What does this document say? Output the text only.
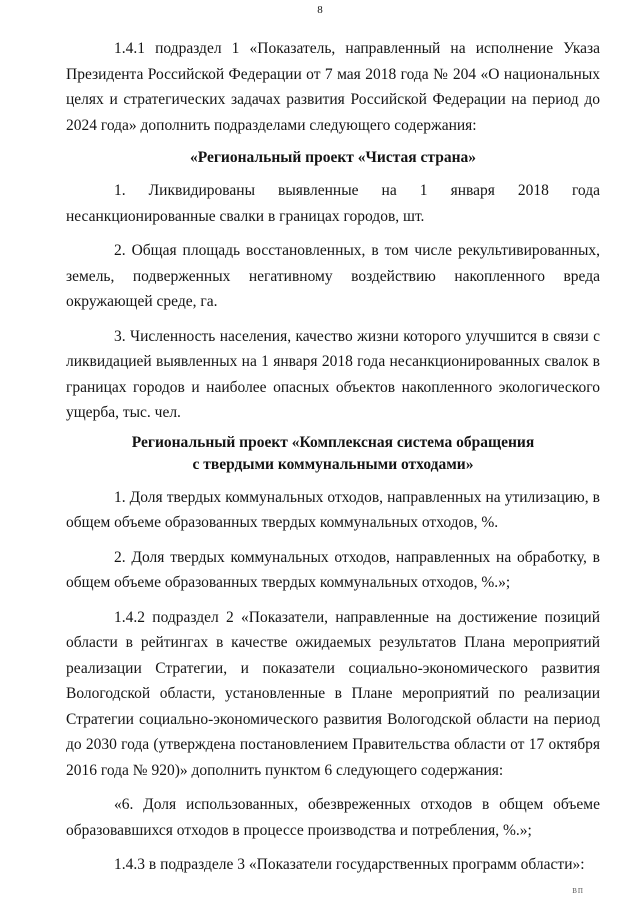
8

1.4.1 подраздел 1 «Показатель, направленный на исполнение Указа Президента Российской Федерации от 7 мая 2018 года № 204 «О национальных целях и стратегических задачах развития Российской Федерации на период до 2024 года» дополнить подразделами следующего содержания:

«Региональный проект «Чистая страна»

1. Ликвидированы выявленные на 1 января 2018 года несанкционированные свалки в границах городов, шт.

2. Общая площадь восстановленных, в том числе рекультивированных, земель, подверженных негативному воздействию накопленного вреда окружающей среде, га.

3. Численность населения, качество жизни которого улучшится в связи с ликвидацией выявленных на 1 января 2018 года несанкционированных свалок в границах городов и наиболее опасных объектов накопленного экологического ущерба, тыс. чел.

Региональный проект «Комплексная система обращения
с твердыми коммунальными отходами»

1. Доля твердых коммунальных отходов, направленных на утилизацию, в общем объеме образованных твердых коммунальных отходов, %.

2. Доля твердых коммунальных отходов, направленных на обработку, в общем объеме образованных твердых коммунальных отходов, %.»;

1.4.2 подраздел 2 «Показатели, направленные на достижение позиций области в рейтингах в качестве ожидаемых результатов Плана мероприятий реализации Стратегии, и показатели социально-экономического развития Вологодской области, установленные в Плане мероприятий по реализации Стратегии социально-экономического развития Вологодской области на период до 2030 года (утверждена постановлением Правительства области от 17 октября 2016 года № 920)» дополнить пунктом 6 следующего содержания:

«6. Доля использованных, обезвреженных отходов в общем объеме образовавшихся отходов в процессе производства и потребления, %.»;

1.4.3 в подразделе 3 «Показатели государственных программ области»:

ВП
